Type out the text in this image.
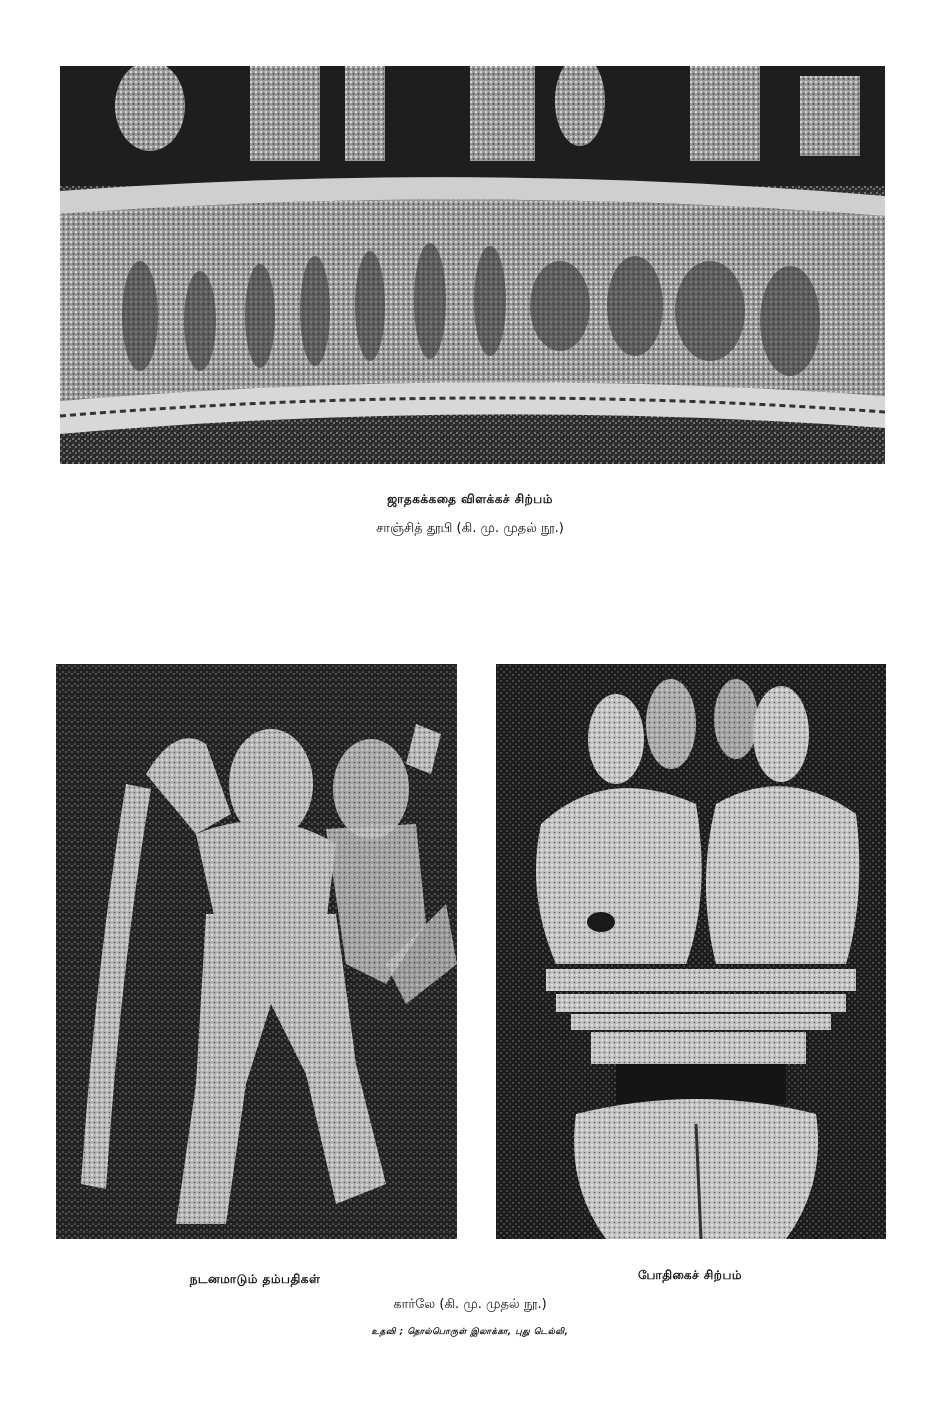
ஜாதகக்கதை விளக்கச் சிற்பம்
சாஞ்சித் தூபி (கி. மு. முதல் நூ.)
நடனமாடும் தம்பதிகள்	போதிகைச் சிற்பம்
கார்லே (கி. மு. முதல் நூ.)
உதவி ; தொல்பொருள் இலாக்கா, புது டெல்லி,
